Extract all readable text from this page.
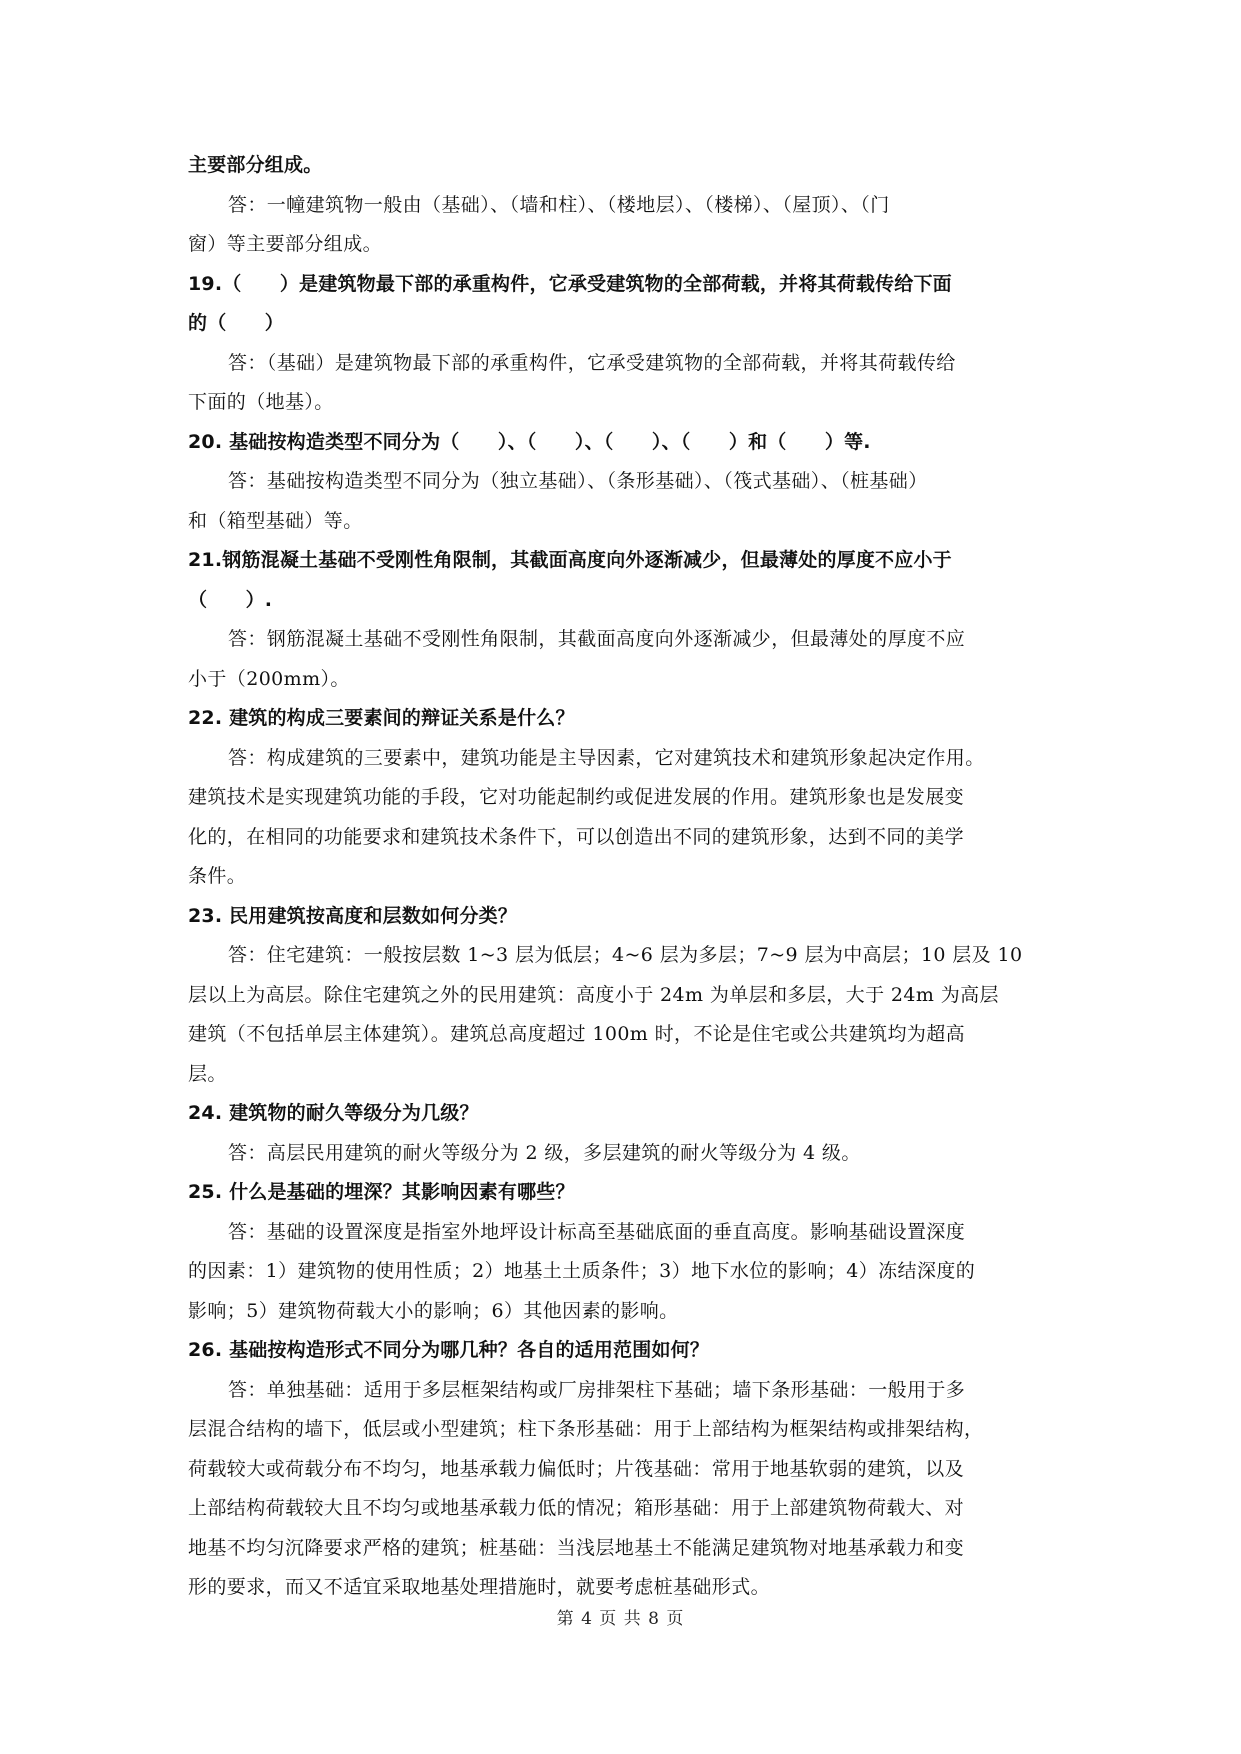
主要部分组成。
答：一幢建筑物一般由（基础）、（墙和柱）、（楼地层）、（楼梯）、（屋顶）、（门
窗）等主要部分组成。
19.（　　）是建筑物最下部的承重构件，它承受建筑物的全部荷载，并将其荷载传给下面
的（　　）
答：（基础）是建筑物最下部的承重构件，它承受建筑物的全部荷载，并将其荷载传给
下面的（地基）。
20. 基础按构造类型不同分为（　　）、（　　）、（　　）、（　　）和（　　）等.
答：基础按构造类型不同分为（独立基础）、（条形基础）、（筏式基础）、（桩基础）
和（箱型基础）等。
21.钢筋混凝土基础不受刚性角限制，其截面高度向外逐渐减少，但最薄处的厚度不应小于
（　　）.
答：钢筋混凝土基础不受刚性角限制，其截面高度向外逐渐减少，但最薄处的厚度不应
小于（200mm）。
22. 建筑的构成三要素间的辩证关系是什么？
答：构成建筑的三要素中，建筑功能是主导因素，它对建筑技术和建筑形象起决定作用。
建筑技术是实现建筑功能的手段，它对功能起制约或促进发展的作用。建筑形象也是发展变
化的，在相同的功能要求和建筑技术条件下，可以创造出不同的建筑形象，达到不同的美学
条件。
23. 民用建筑按高度和层数如何分类？
答：住宅建筑：一般按层数 1~3 层为低层；4~6 层为多层；7~9 层为中高层；10 层及 10
层以上为高层。除住宅建筑之外的民用建筑：高度小于 24m 为单层和多层，大于 24m 为高层
建筑（不包括单层主体建筑）。建筑总高度超过 100m 时，不论是住宅或公共建筑均为超高
层。
24. 建筑物的耐久等级分为几级？
答：高层民用建筑的耐火等级分为 2 级，多层建筑的耐火等级分为 4 级。
25. 什么是基础的埋深？其影响因素有哪些？
答：基础的设置深度是指室外地坪设计标高至基础底面的垂直高度。影响基础设置深度
的因素：1）建筑物的使用性质；2）地基土土质条件；3）地下水位的影响；4）冻结深度的
影响；5）建筑物荷载大小的影响；6）其他因素的影响。
26. 基础按构造形式不同分为哪几种？各自的适用范围如何？
答：单独基础：适用于多层框架结构或厂房排架柱下基础；墙下条形基础：一般用于多
层混合结构的墙下，低层或小型建筑；柱下条形基础：用于上部结构为框架结构或排架结构，
荷载较大或荷载分布不均匀，地基承载力偏低时；片筏基础：常用于地基软弱的建筑，以及
上部结构荷载较大且不均匀或地基承载力低的情况；箱形基础：用于上部建筑物荷载大、对
地基不均匀沉降要求严格的建筑；桩基础：当浅层地基土不能满足建筑物对地基承载力和变
形的要求，而又不适宜采取地基处理措施时，就要考虑桩基础形式。
第 4 页 共 8 页
